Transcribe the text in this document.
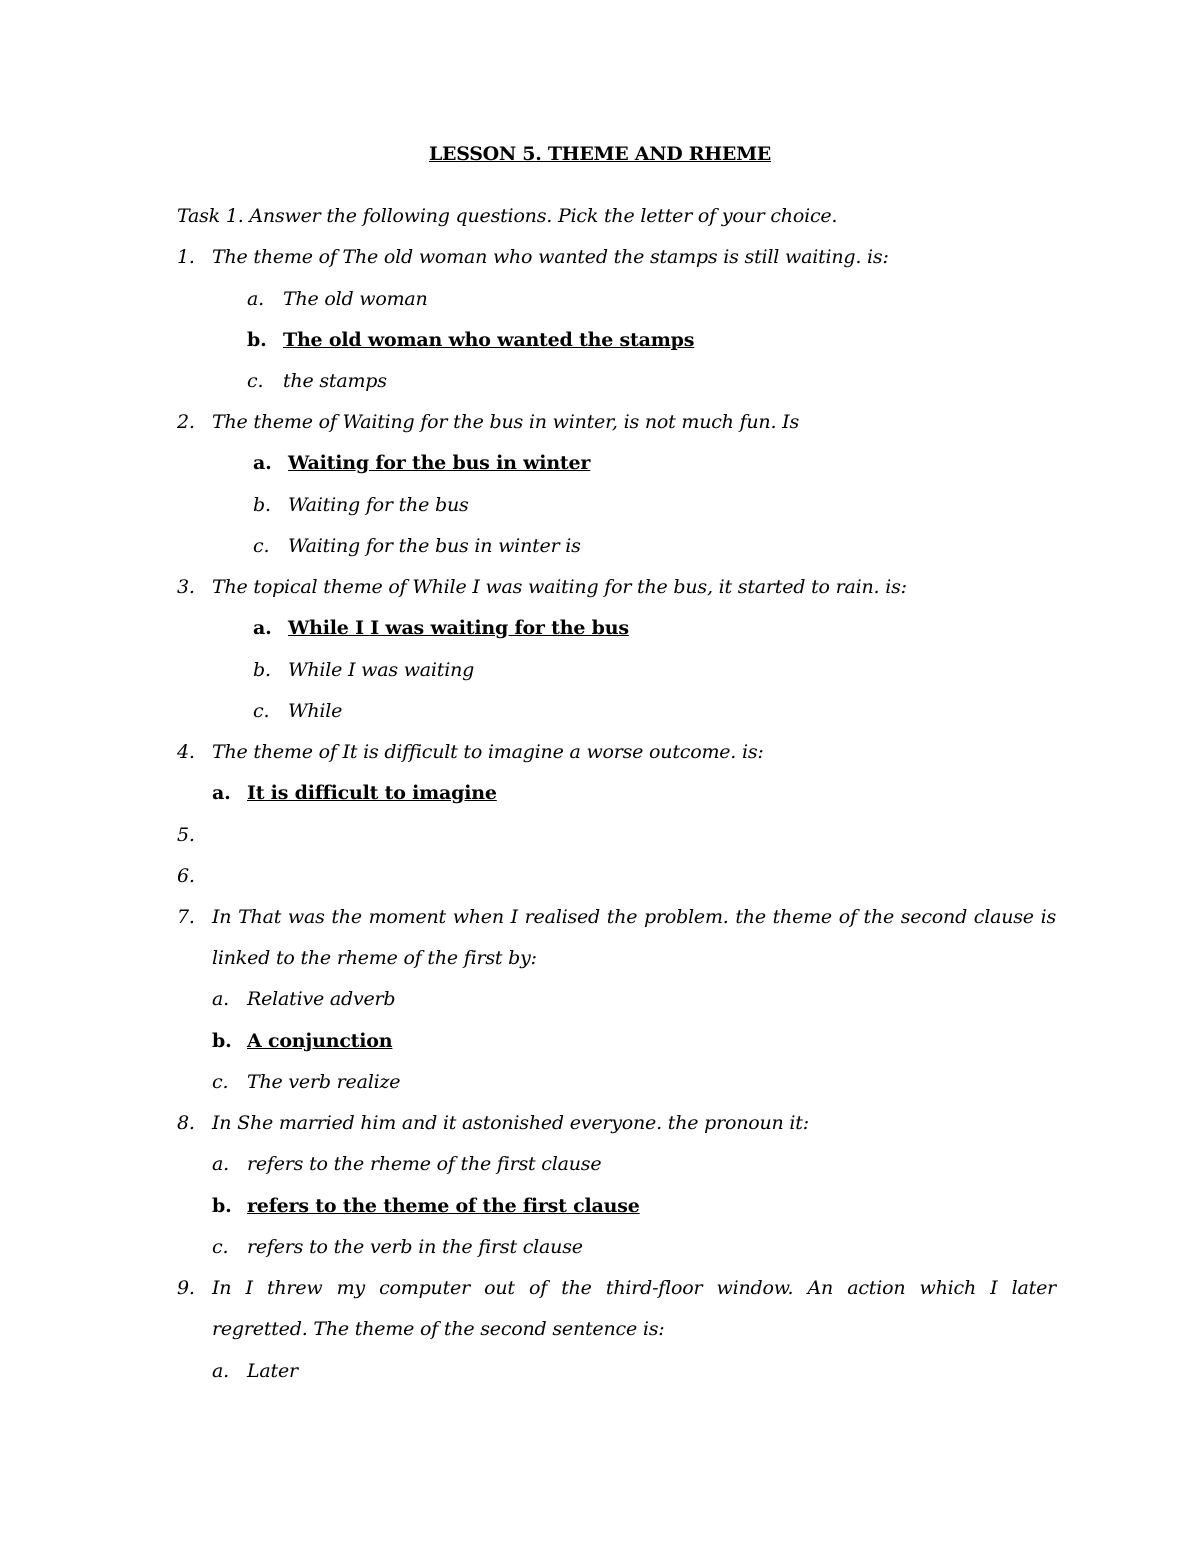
LESSON 5. THEME AND RHEME
Task 1. Answer the following questions. Pick the letter of your choice.
1. The theme of The old woman who wanted the stamps is still waiting. is:
a. The old woman
b. The old woman who wanted the stamps
c. the stamps
2. The theme of Waiting for the bus in winter, is not much fun. Is
a. Waiting for the bus in winter
b. Waiting for the bus
c. Waiting for the bus in winter is
3. The topical theme of While I was waiting for the bus, it started to rain. is:
a. While I I was waiting for the bus
b. While I was waiting
c. While
4. The theme of It is difficult to imagine a worse outcome. is:
a. It is difficult to imagine
5.
6.
7. In That was the moment when I realised the problem. the theme of the second clause is
linked to the rheme of the first by:
a. Relative adverb
b. A conjunction
c. The verb realize
8. In She married him and it astonished everyone. the pronoun it:
a. refers to the rheme of the first clause
b. refers to the theme of the first clause
c. refers to the verb in the first clause
9. In I threw my computer out of the third-floor window. An action which I later
regretted. The theme of the second sentence is:
a. Later
